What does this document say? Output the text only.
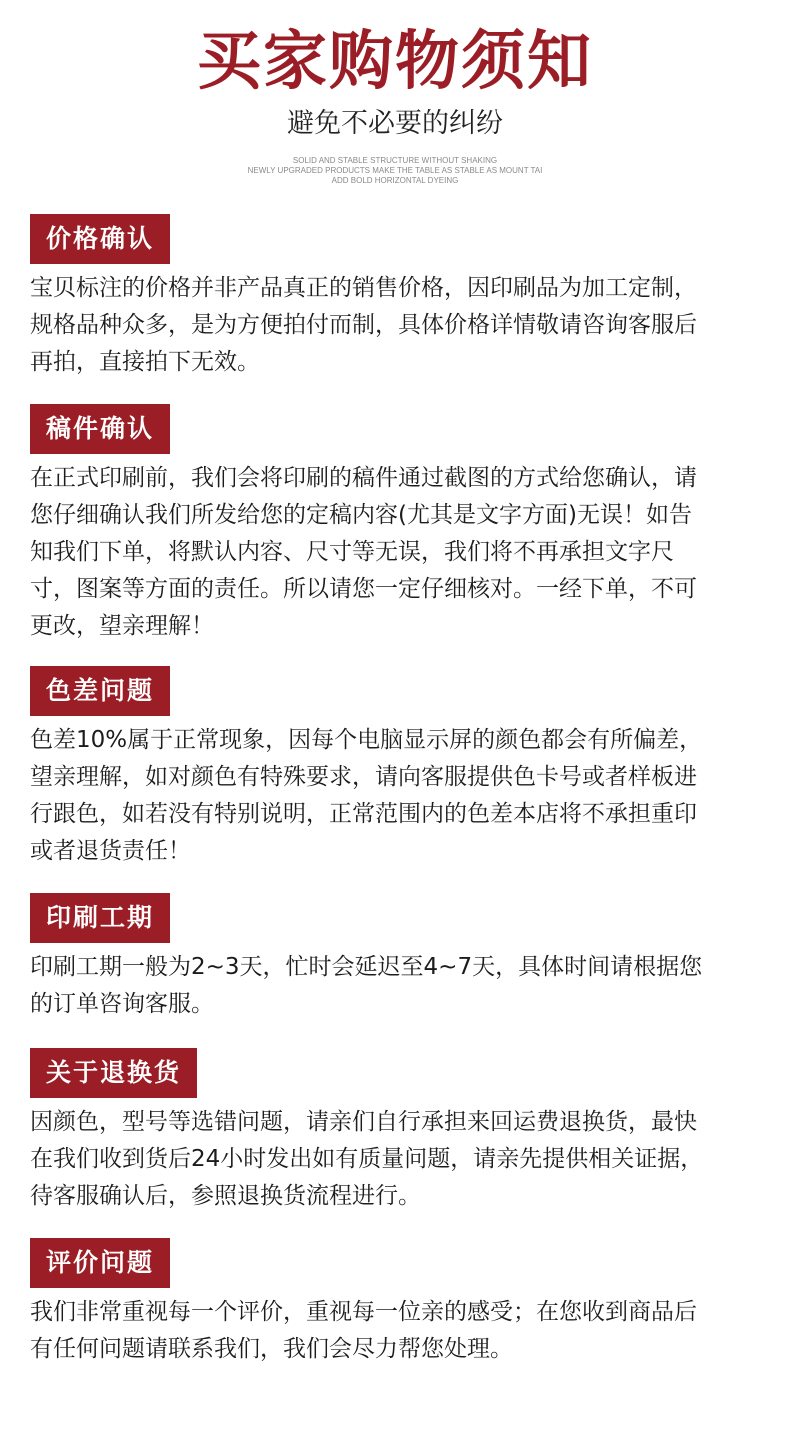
买家购物须知
避免不必要的纠纷
SOLID AND STABLE STRUCTURE WITHOUT SHAKING
NEWLY UPGRADED PRODUCTS MAKE THE TABLE AS STABLE AS MOUNT TAI
ADD BOLD HORIZONTAL DYEING
价格确认
宝贝标注的价格并非产品真正的销售价格，因印刷品为加工定制，
规格品种众多，是为方便拍付而制，具体价格详情敬请咨询客服后
再拍，直接拍下无效。
稿件确认
在正式印刷前，我们会将印刷的稿件通过截图的方式给您确认，请
您仔细确认我们所发给您的定稿内容(尤其是文字方面)无误！如告
知我们下单，将默认内容、尺寸等无误，我们将不再承担文字尺
寸，图案等方面的责任。所以请您一定仔细核对。一经下单，不可
更改，望亲理解！
色差问题
色差10%属于正常现象，因每个电脑显示屏的颜色都会有所偏差，
望亲理解，如对颜色有特殊要求，请向客服提供色卡号或者样板进
行跟色，如若没有特别说明，正常范围内的色差本店将不承担重印
或者退货责任！
印刷工期
印刷工期一般为2~3天，忙时会延迟至4~7天，具体时间请根据您
的订单咨询客服。
关于退换货
因颜色，型号等选错问题，请亲们自行承担来回运费退换货，最快
在我们收到货后24小时发出如有质量问题，请亲先提供相关证据，
待客服确认后，参照退换货流程进行。
评价问题
我们非常重视每一个评价，重视每一位亲的感受；在您收到商品后
有任何问题请联系我们，我们会尽力帮您处理。
